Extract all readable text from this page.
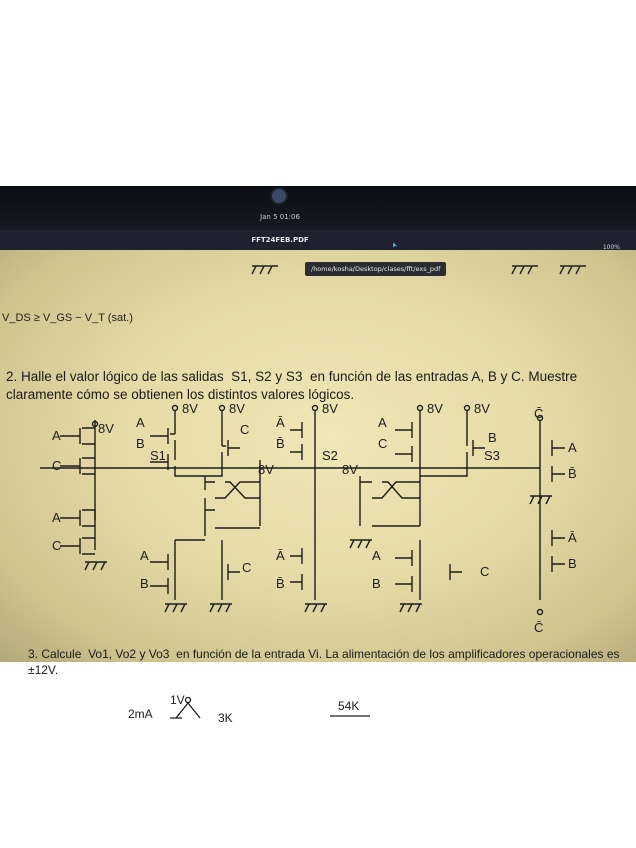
Jan 5 01:06
FFT24FEB.PDF
V_DS ≥ V_GS − V_T (sat.)
2. Halle el valor lógico de las salidas S1, S2 y S3 en función de las entradas A, B y C. Muestre claramente cómo se obtienen los distintos valores lógicos.
8V 8V	8V	8V 8V
8V
8V	8V
S1	S2	S3
A
C
A
C
A
B
C Ā
B̄
A
C	B
C̄
A
B̄
Ā
B
A
B
C
Ā
B̄
A
B
C
C̄
3. Calcule Vo1, Vo2 y Vo3 en función de la entrada Vi. La alimentación de los amplificadores operacionales es ±12V.
1V
2mA	3K
54K
100%
/home/kosha/Desktop/clases/fft/exs_pdf
